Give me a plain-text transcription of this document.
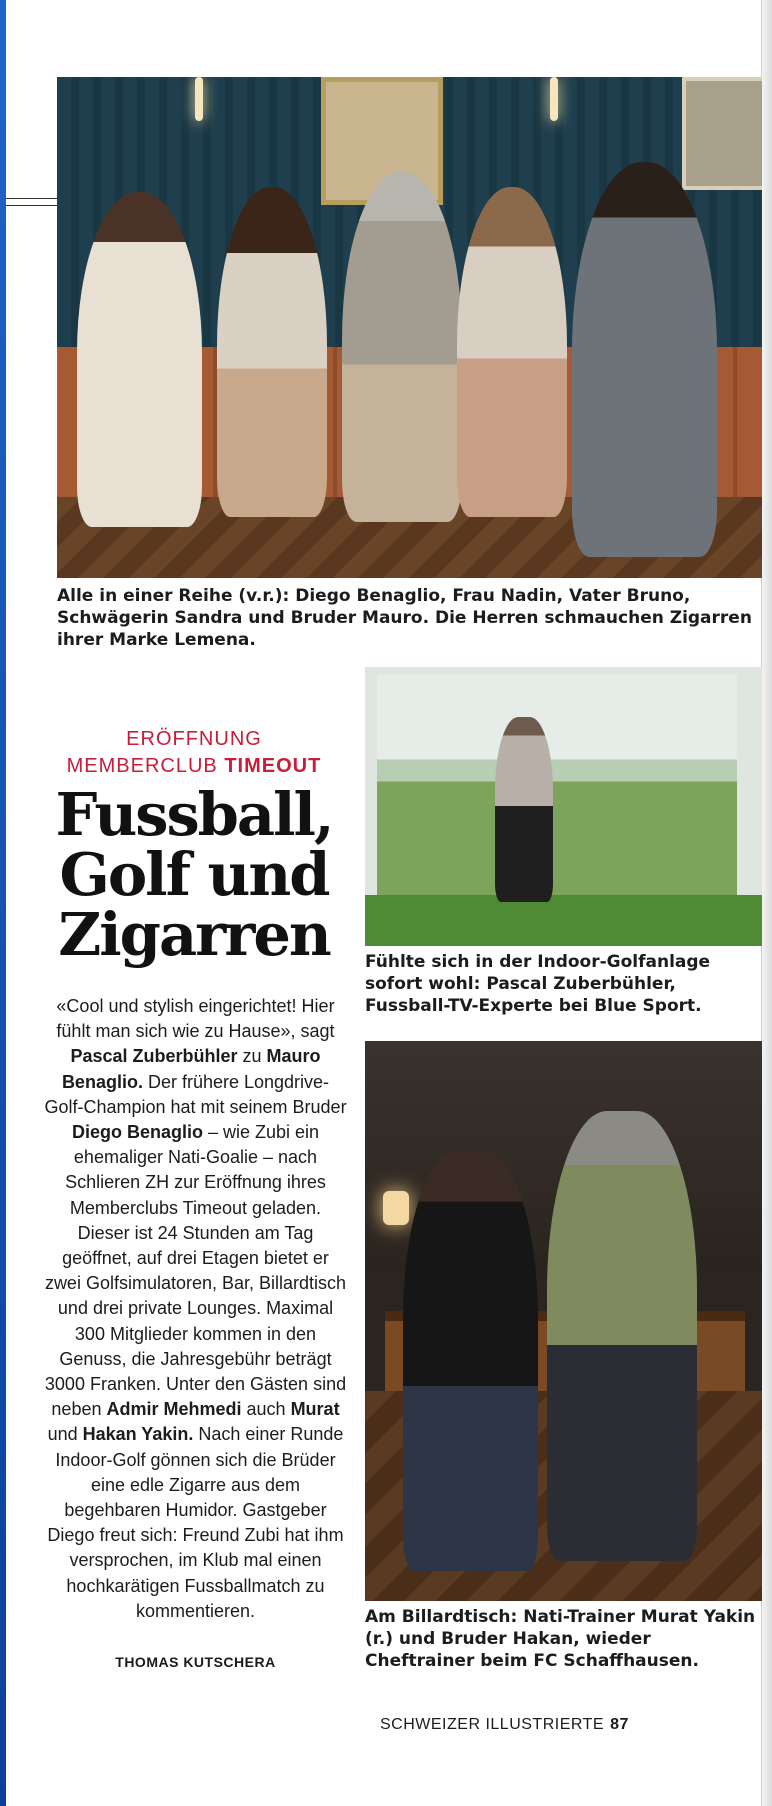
Alle in einer Reihe (v.r.): Diego Benaglio, Frau Nadin, Vater Bruno, Schwägerin Sandra und Bruder Mauro. Die Herren schmauchen Zigarren ihrer Marke Lemena.

ERÖFFNUNG
MEMBERCLUB TIMEOUT
Fussball, Golf und Zigarren

«Cool und stylish eingerichtet! Hier fühlt man sich wie zu Hause», sagt Pascal Zuberbühler zu Mauro Benaglio. Der frühere Longdrive-Golf-Champion hat mit seinem Bruder Diego Benaglio – wie Zubi ein ehemaliger Nati-Goalie – nach Schlieren ZH zur Eröffnung ihres Memberclubs Timeout geladen. Dieser ist 24 Stunden am Tag geöffnet, auf drei Etagen bietet er zwei Golfsimulatoren, Bar, Billardtisch und drei private Lounges. Maximal 300 Mitglieder kommen in den Genuss, die Jahresgebühr beträgt 3000 Franken. Unter den Gästen sind neben Admir Mehmedi auch Murat und Hakan Yakin. Nach einer Runde Indoor-Golf gönnen sich die Brüder eine edle Zigarre aus dem begehbaren Humidor. Gastgeber Diego freut sich: Freund Zubi hat ihm versprochen, im Klub mal einen hochkarätigen Fussballmatch zu kommentieren.

THOMAS KUTSCHERA

Fühlte sich in der Indoor-Golfanlage sofort wohl: Pascal Zuberbühler, Fussball-TV-Experte bei Blue Sport.

Am Billardtisch: Nati-Trainer Murat Yakin (r.) und Bruder Hakan, wieder Cheftrainer beim FC Schaffhausen.

SCHWEIZER ILLUSTRIERTE 87
